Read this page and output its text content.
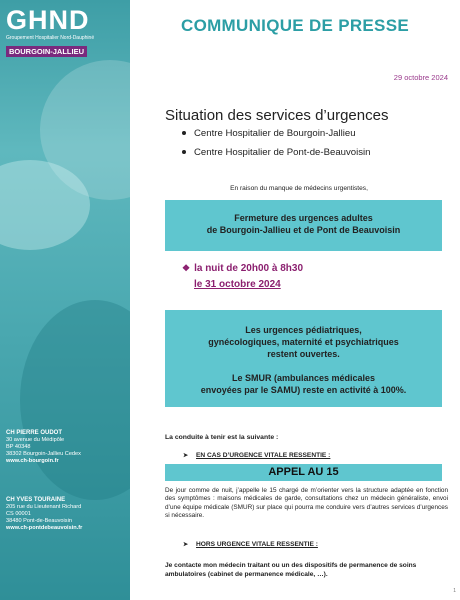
GHND
Groupement Hospitalier Nord-Dauphiné
BOURGOIN-JALLIEU
CH PIERRE OUDOT
30 avenue du Médipôle
BP 40348
38302 Bourgoin-Jallieu Cedex
www.ch-bourgoin.fr
CH YVES TOURAINE
205 rue du Lieutenant Richard
CS 00001
38480 Pont-de-Beauvoisin
www.ch-pontdebeauvoisin.fr
COMMUNIQUE DE PRESSE
29 octobre 2024
Situation des services d’urgences
Centre Hospitalier de Bourgoin-Jallieu
Centre Hospitalier de Pont-de-Beauvoisin
En raison du manque de médecins urgentistes,
Fermeture des urgences adultes
de Bourgoin-Jallieu et de Pont de Beauvoisin
❖ la nuit de 20h00 à 8h30
le 31 octobre 2024

Les urgences pédiatriques,

gynécologiques, maternité et psychiatriques

restent ouvertes.

Le SMUR (ambulances médicales

envoyées par le SAMU) reste en activité à 100%.

La conduite à tenir est la suivante :
➤ EN CAS D’URGENCE VITALE RESSENTIE :
APPEL AU 15
De jour comme de nuit, j’appelle le 15 chargé de m’orienter vers la structure adaptée en fonction des symptômes : maisons médicales de garde, consultations chez un médecin généraliste, envoi d’une équipe médicale (SMUR) sur place qui pourra me conduire vers d’autres services d’urgences si nécessaire.
➤ HORS URGENCE VITALE RESSENTIE :
Je contacte mon médecin traitant ou un des dispositifs de permanence de soins ambulatoires (cabinet de permanence médicale, …).
1
